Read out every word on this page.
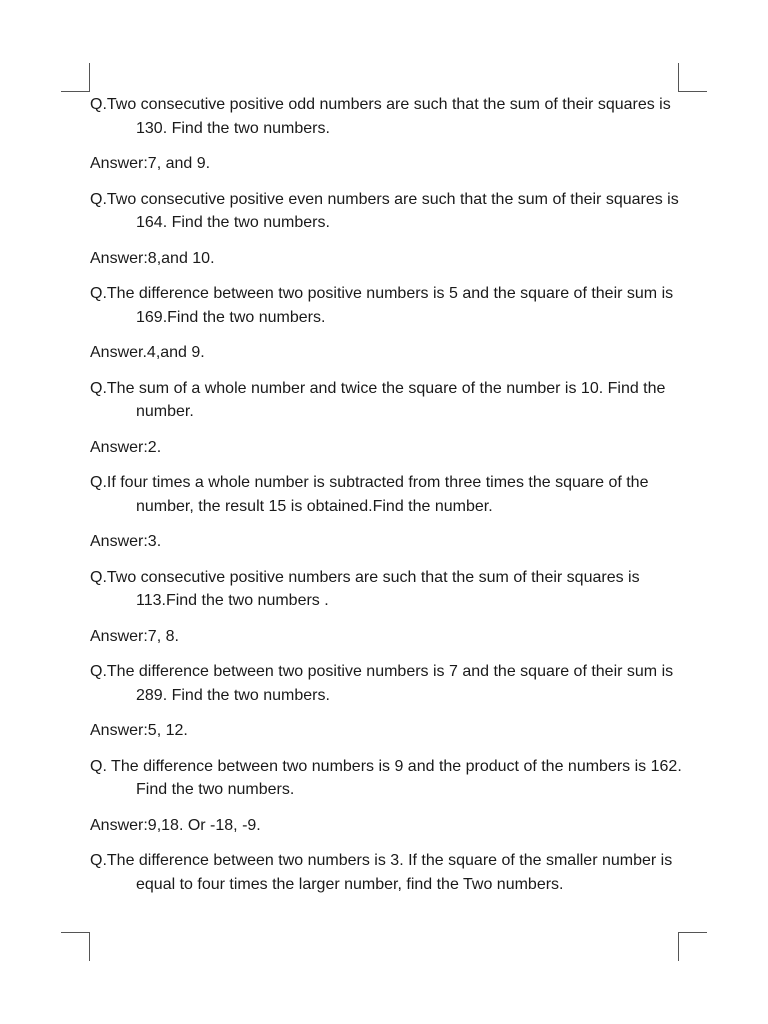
Q.Two consecutive positive odd numbers are such that the sum of their squares is 130. Find the two numbers.

Answer:7, and 9.

Q.Two consecutive positive even numbers are such that the sum of their squares is 164. Find the two numbers.

Answer:8,and 10.

Q.The difference between two positive numbers is 5 and the square of their sum is 169.Find the two numbers.

Answer.4,and 9.

Q.The sum of a whole number and twice the square of the number is 10. Find the number.

Answer:2.

Q.If four times a whole number is subtracted from three times the square of the number, the result 15 is obtained.Find the number.

Answer:3.

Q.Two consecutive positive numbers are such that the sum of their squares is 113.Find the two numbers .

Answer:7, 8.

Q.The difference between two positive numbers is 7 and the square of their sum is 289. Find the two numbers.

Answer:5, 12.

Q. The difference between two numbers is 9 and the product of the numbers is 162. Find the two numbers.

Answer:9,18. Or -18, -9.

Q.The difference between two numbers is 3. If the square of the smaller number is equal to four times the larger number, find the Two numbers.
